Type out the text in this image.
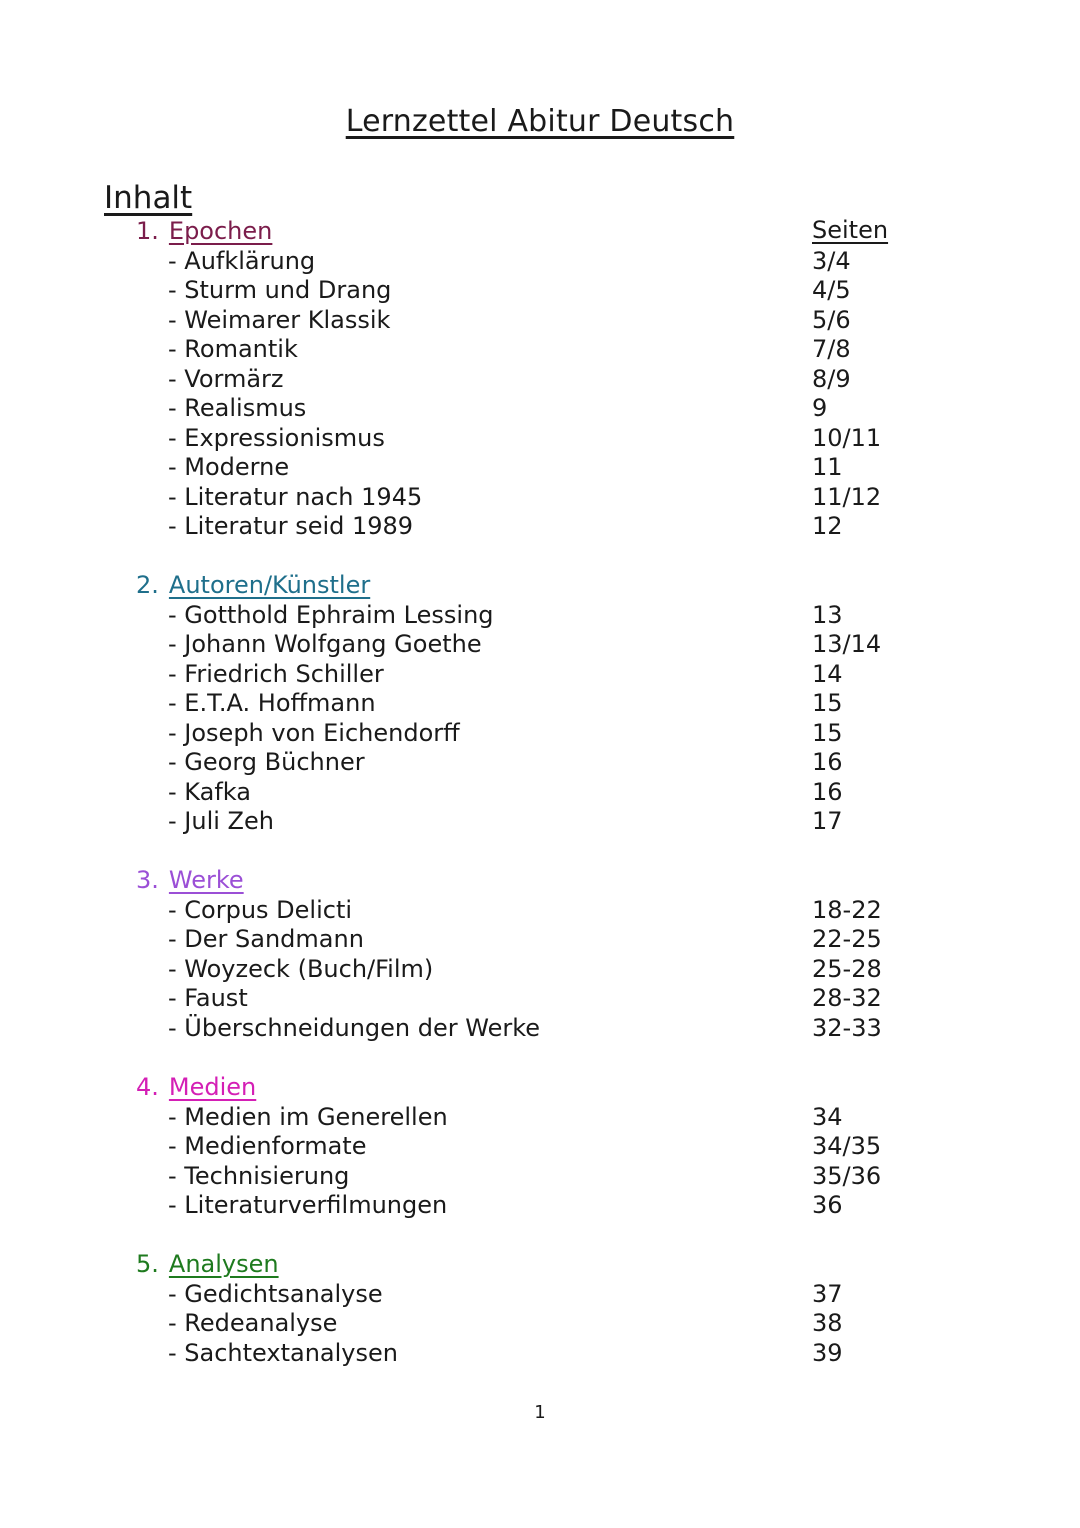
Lernzettel Abitur Deutsch
Inhalt
Seiten
1. Epochen
- Aufklärung	3/4
- Sturm und Drang	4/5
- Weimarer Klassik	5/6
- Romantik	7/8
- Vormärz	8/9
- Realismus	9
- Expressionismus	10/11
- Moderne	11
- Literatur nach 1945	11/12
- Literatur seid 1989	12
2. Autoren/Künstler
- Gotthold Ephraim Lessing	13
- Johann Wolfgang Goethe	13/14
- Friedrich Schiller	14
- E.T.A. Hoffmann	15
- Joseph von Eichendorff	15
- Georg Büchner	16
- Kafka	16
- Juli Zeh	17
3. Werke
- Corpus Delicti	18-22
- Der Sandmann	22-25
- Woyzeck (Buch/Film)	25-28
- Faust	28-32
- Überschneidungen der Werke	32-33
4. Medien
- Medien im Generellen	34
- Medienformate	34/35
- Technisierung	35/36
- Literaturverfilmungen	36
5. Analysen
- Gedichtsanalyse	37
- Redeanalyse	38
- Sachtextanalysen	39
1
